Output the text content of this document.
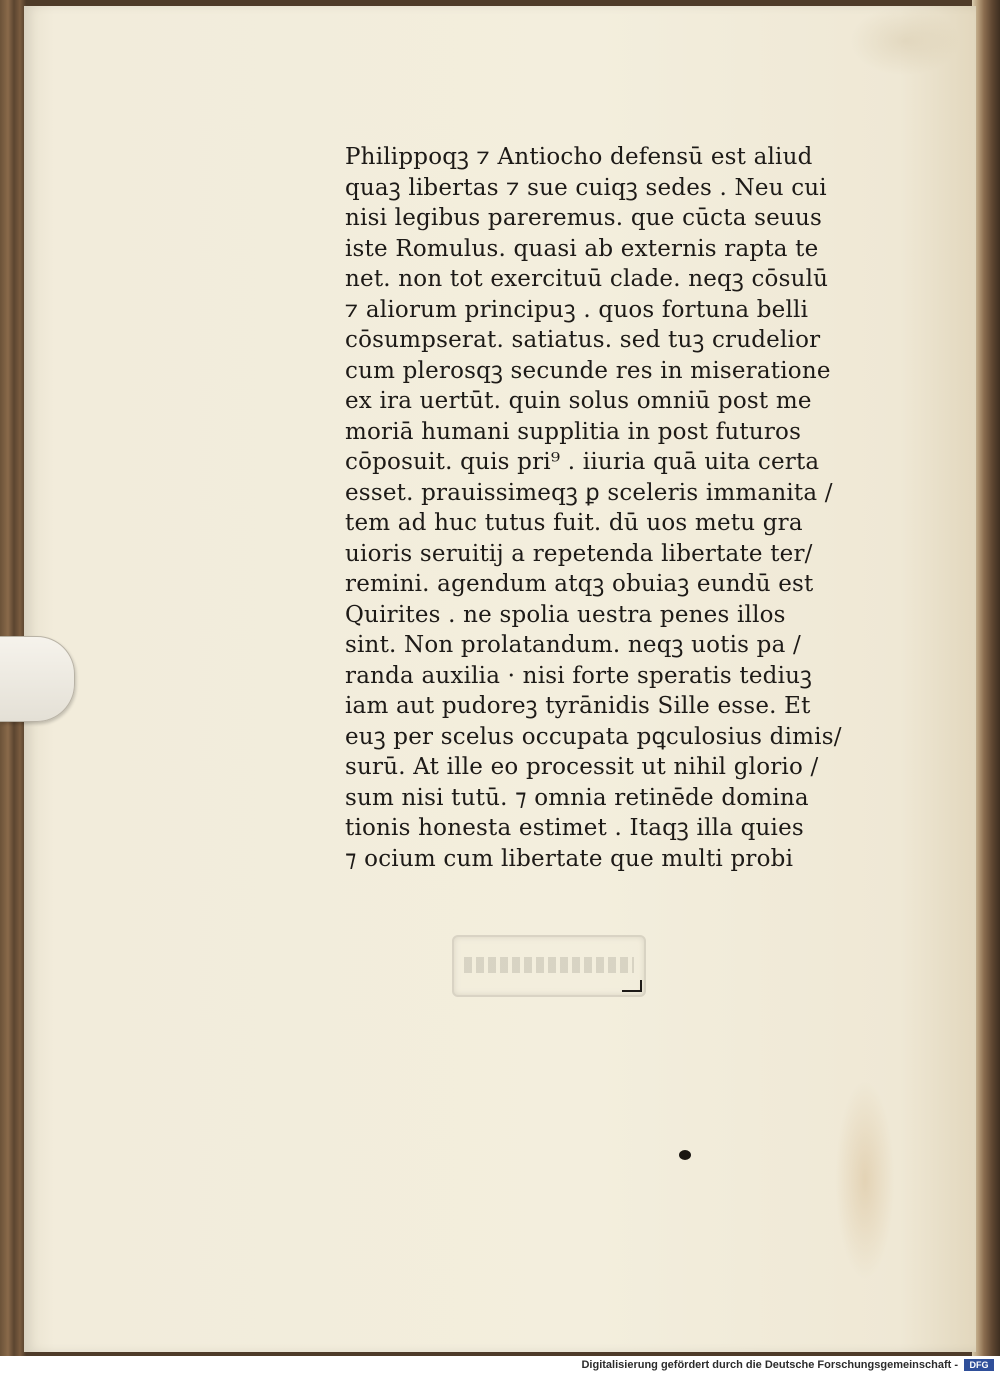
Philippoqꝫ ⁊ Antiocho defensū est aliud
quaꝫ libertas ⁊ sue cuiqꝫ sedes . Neu cui
nisi legibus pareremus. que cūcta seuus
iste Romulus. quasi ab externis rapta te
net. non tot exercituū clade. neqꝫ cōsulū
⁊ aliorum principuꝫ . quos fortuna belli
cōsumpserat. satiatus. sed tuꝫ crudelior
cum plerosqꝫ secunde res in miseratione
ex ira uertūt. quin solus omniū post me
moriā humani supplitia in post futuros
cōposuit. quis pri⁹ . iiuria quā uita certa
esset. prauissimeqꝫ ꝑ sceleris immanita /
tem ad huc tutus fuit. dū uos metu gra
uioris seruitij a repetenda libertate ter/
remini. agendum atqꝫ obuiaꝫ eundū est
Quirites . ne spolia uestra penes illos
sint. Non prolatandum. neqꝫ uotis pa /
randa auxilia · nisi forte speratis tediuꝫ
iam aut pudoreꝫ tyrānidis Sille esse. Et
euꝫ per scelus occupata pꝗculosius dimis/
surū. At ille eo processit ut nihil glorio /
sum nisi tutū. ⁊ omnia retinēde domina
tionis honesta estimet . Itaqꝫ illa quies
⁊ ocium cum libertate que multi probi
Digitalisierung gefördert durch die Deutsche Forschungsgemeinschaft -	DFG
